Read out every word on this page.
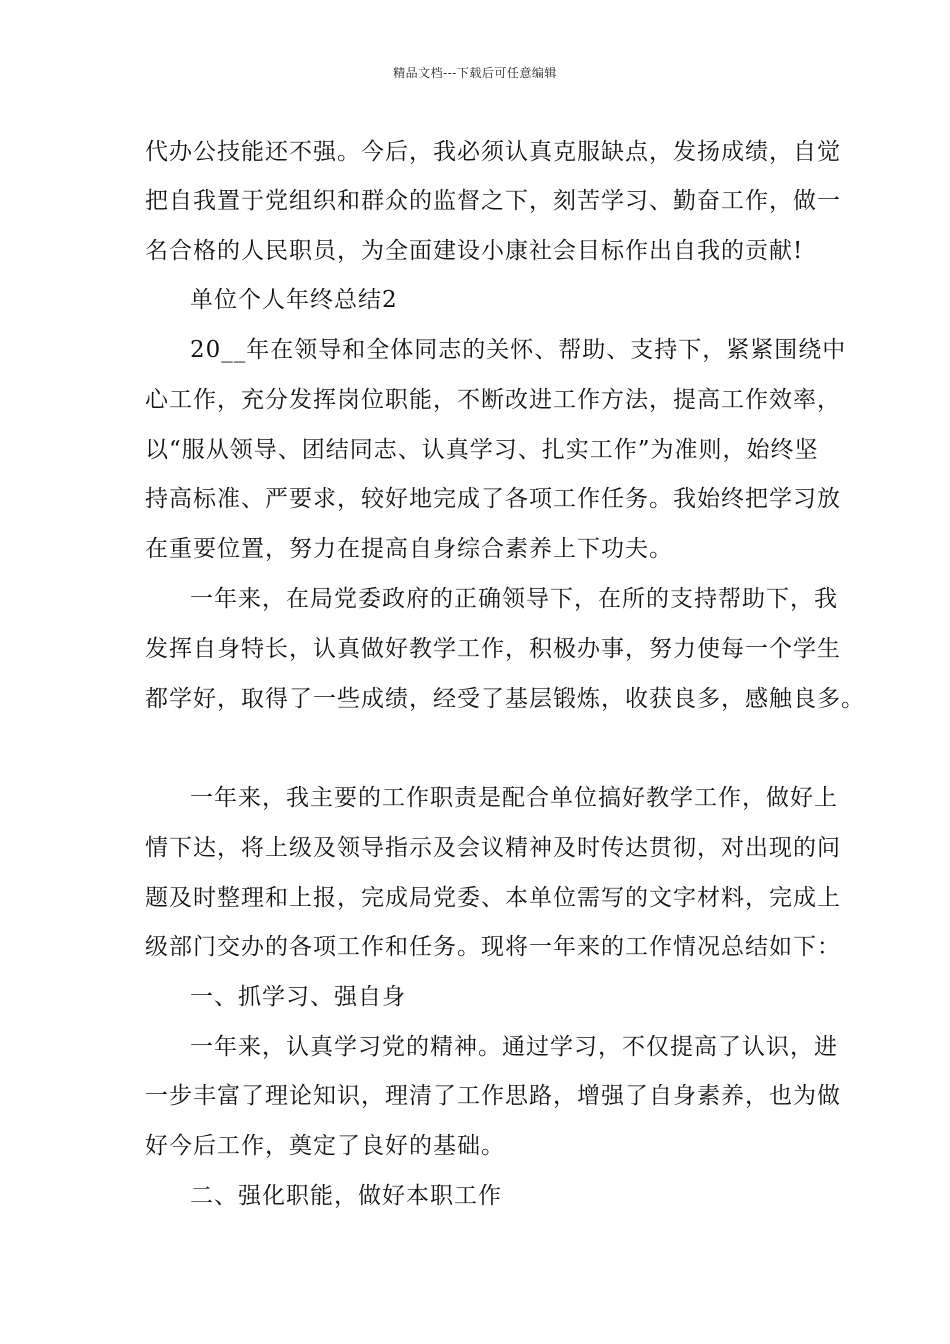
精品文档---下载后可任意编辑
代办公技能还不强。今后，我必须认真克服缺点，发扬成绩，自觉
把自我置于党组织和群众的监督之下，刻苦学习、勤奋工作，做一
名合格的人民职员，为全面建设小康社会目标作出自我的贡献!
单位个人年终总结2
20__年在领导和全体同志的关怀、帮助、支持下，紧紧围绕中
心工作，充分发挥岗位职能，不断改进工作方法，提高工作效率，
以“服从领导、团结同志、认真学习、扎实工作”为准则，始终坚
持高标准、严要求，较好地完成了各项工作任务。我始终把学习放
在重要位置，努力在提高自身综合素养上下功夫。
一年来，在局党委政府的正确领导下，在所的支持帮助下，我
发挥自身特长，认真做好教学工作，积极办事，努力使每一个学生
都学好，取得了一些成绩，经受了基层锻炼，收获良多，感触良多。
一年来，我主要的工作职责是配合单位搞好教学工作，做好上
情下达，将上级及领导指示及会议精神及时传达贯彻，对出现的问
题及时整理和上报，完成局党委、本单位需写的文字材料，完成上
级部门交办的各项工作和任务。现将一年来的工作情况总结如下：
一、抓学习、强自身
一年来，认真学习党的精神。通过学习，不仅提高了认识，进
一步丰富了理论知识，理清了工作思路，增强了自身素养，也为做
好今后工作，奠定了良好的基础。
二、强化职能，做好本职工作
